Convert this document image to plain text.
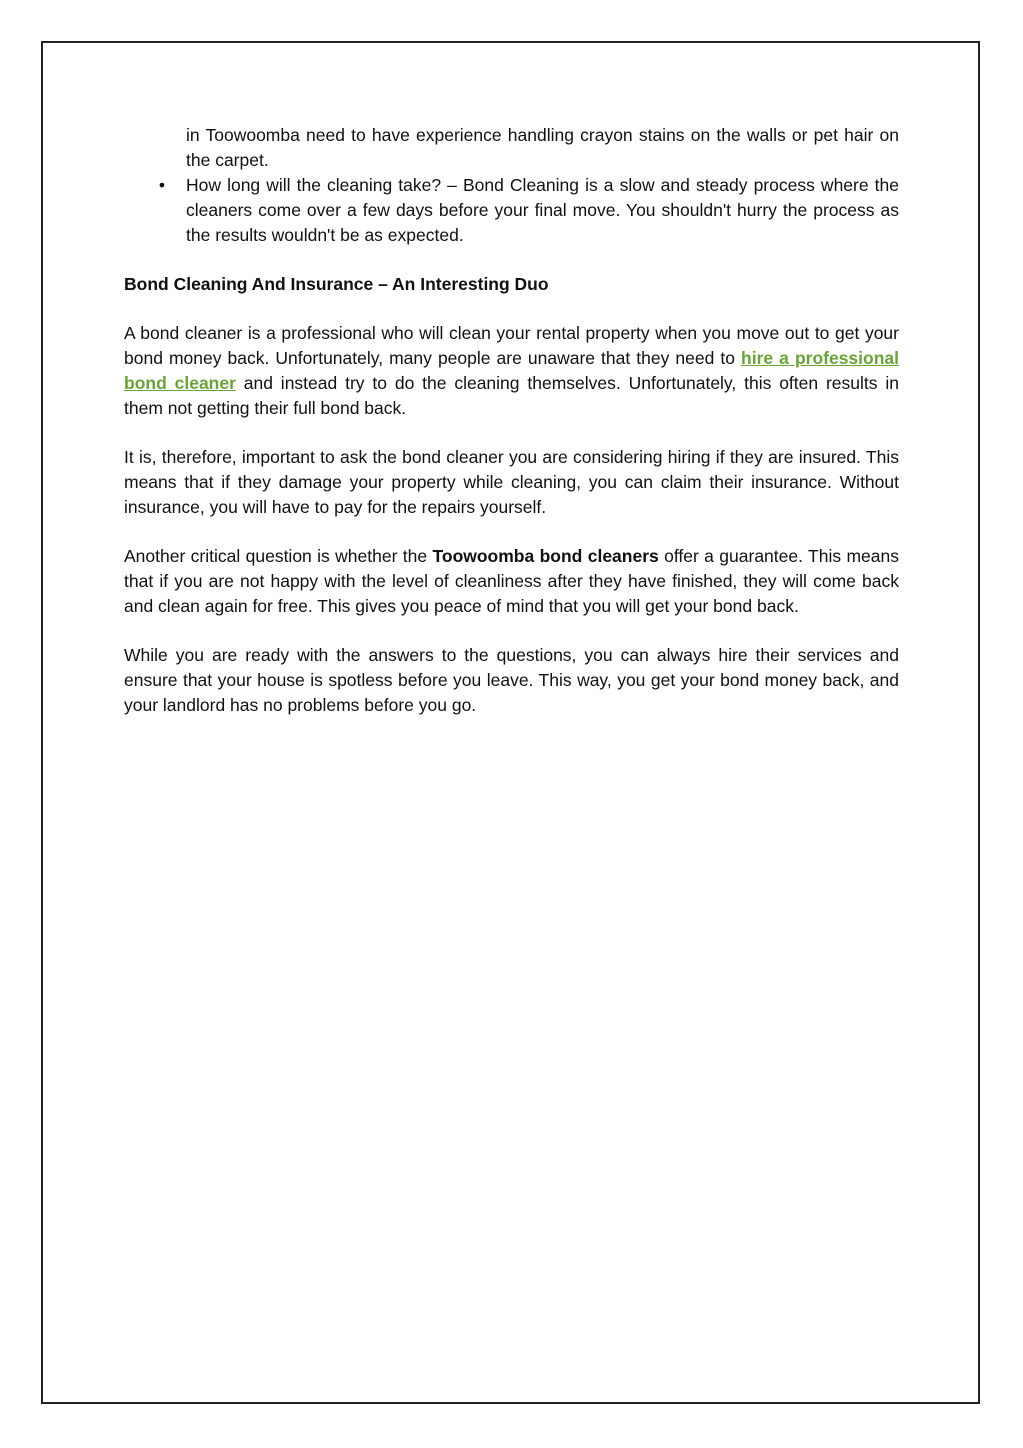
in Toowoomba need to have experience handling crayon stains on the walls or pet hair on the carpet.

• How long will the cleaning take? – Bond Cleaning is a slow and steady process where the cleaners come over a few days before your final move. You shouldn't hurry the process as the results wouldn't be as expected.

Bond Cleaning And Insurance – An Interesting Duo

A bond cleaner is a professional who will clean your rental property when you move out to get your bond money back. Unfortunately, many people are unaware that they need to hire a professional bond cleaner and instead try to do the cleaning themselves. Unfortunately, this often results in them not getting their full bond back.

It is, therefore, important to ask the bond cleaner you are considering hiring if they are insured. This means that if they damage your property while cleaning, you can claim their insurance. Without insurance, you will have to pay for the repairs yourself.

Another critical question is whether the Toowoomba bond cleaners offer a guarantee. This means that if you are not happy with the level of cleanliness after they have finished, they will come back and clean again for free. This gives you peace of mind that you will get your bond back.

While you are ready with the answers to the questions, you can always hire their services and ensure that your house is spotless before you leave. This way, you get your bond money back, and your landlord has no problems before you go.
